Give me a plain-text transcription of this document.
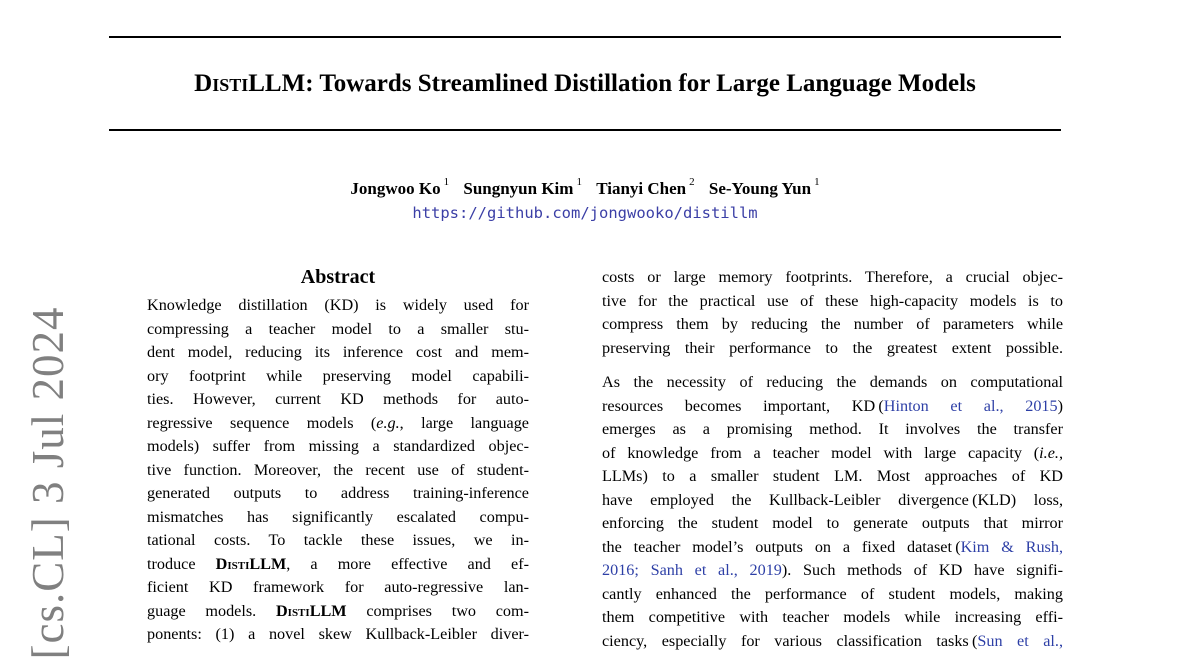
DistiLLM: Towards Streamlined Distillation for Large Language Models
Jongwoo Ko $^1$ Sungnyun Kim $^1$ Tianyi Chen $^2$ Se-Young Yun $^1$
https://github.com/jongwooko/distillm
[cs.CL] 3 Jul 2024
Abstract
Knowledge distillation (KD) is widely used for
compressing a teacher model to a smaller stu-
dent model, reducing its inference cost and mem-
ory footprint while preserving model capabili-
ties. However, current KD methods for auto-
regressive sequence models (e.g., large language
models) suffer from missing a standardized objec-
tive function. Moreover, the recent use of student-
generated outputs to address training-inference
mismatches has significantly escalated compu-
tational costs. To tackle these issues, we in-
troduce DistiLLM, a more effective and ef-
ficient KD framework for auto-regressive lan-
guage models. DistiLLM comprises two com-
ponents: (1) a novel skew Kullback-Leibler diver-
costs or large memory footprints. Therefore, a crucial objec-
tive for the practical use of these high-capacity models is to
compress them by reducing the number of parameters while
preserving their performance to the greatest extent possible.
As the necessity of reducing the demands on computational
resources becomes important, KD (Hinton et al., 2015)
emerges as a promising method. It involves the transfer
of knowledge from a teacher model with large capacity (i.e.,
LLMs) to a smaller student LM. Most approaches of KD
have employed the Kullback-Leibler divergence (KLD) loss,
enforcing the student model to generate outputs that mirror
the teacher model’s outputs on a fixed dataset (Kim & Rush,
2016; Sanh et al., 2019). Such methods of KD have signifi-
cantly enhanced the performance of student models, making
them competitive with teacher models while increasing effi-
ciency, especially for various classification tasks (Sun et al.,
